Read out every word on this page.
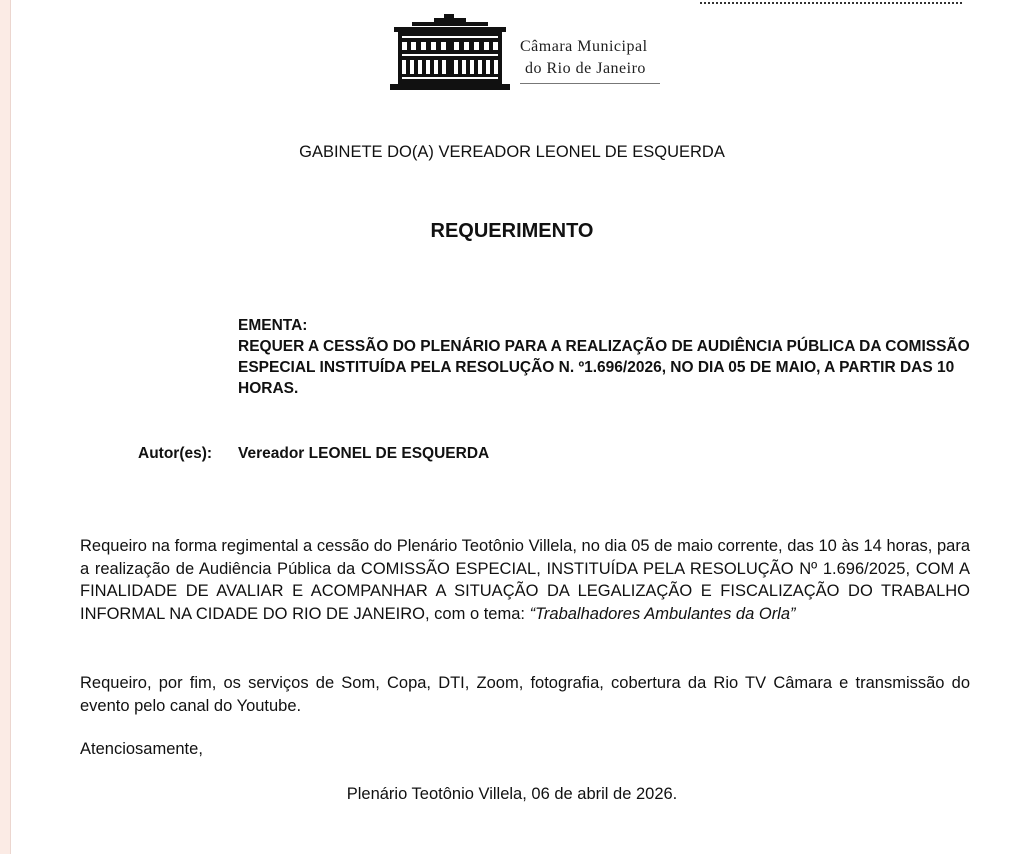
Câmara Municipal
do Rio de Janeiro
GABINETE DO(A) VEREADOR LEONEL DE ESQUERDA
REQUERIMENTO
EMENTA:
REQUER A CESSÃO DO PLENÁRIO PARA A REALIZAÇÃO DE AUDIÊNCIA PÚBLICA DA COMISSÃO ESPECIAL INSTITUÍDA PELA RESOLUÇÃO N. º1.696/2026, NO DIA 05 DE MAIO, A PARTIR DAS 10 HORAS.
Autor(es): Vereador LEONEL DE ESQUERDA
Requeiro na forma regimental a cessão do Plenário Teotônio Villela, no dia 05 de maio corrente, das 10 às 14 horas, para a realização de Audiência Pública da COMISSÃO ESPECIAL, INSTITUÍDA PELA RESOLUÇÃO Nº 1.696/2025, COM A FINALIDADE DE AVALIAR E ACOMPANHAR A SITUAÇÃO DA LEGALIZAÇÃO E FISCALIZAÇÃO DO TRABALHO INFORMAL NA CIDADE DO RIO DE JANEIRO, com o tema: “Trabalhadores Ambulantes da Orla”
Requeiro, por fim, os serviços de Som, Copa, DTI, Zoom, fotografia, cobertura da Rio TV Câmara e transmissão do evento pelo canal do Youtube.
Atenciosamente,
Plenário Teotônio Villela, 06 de abril de 2026.
